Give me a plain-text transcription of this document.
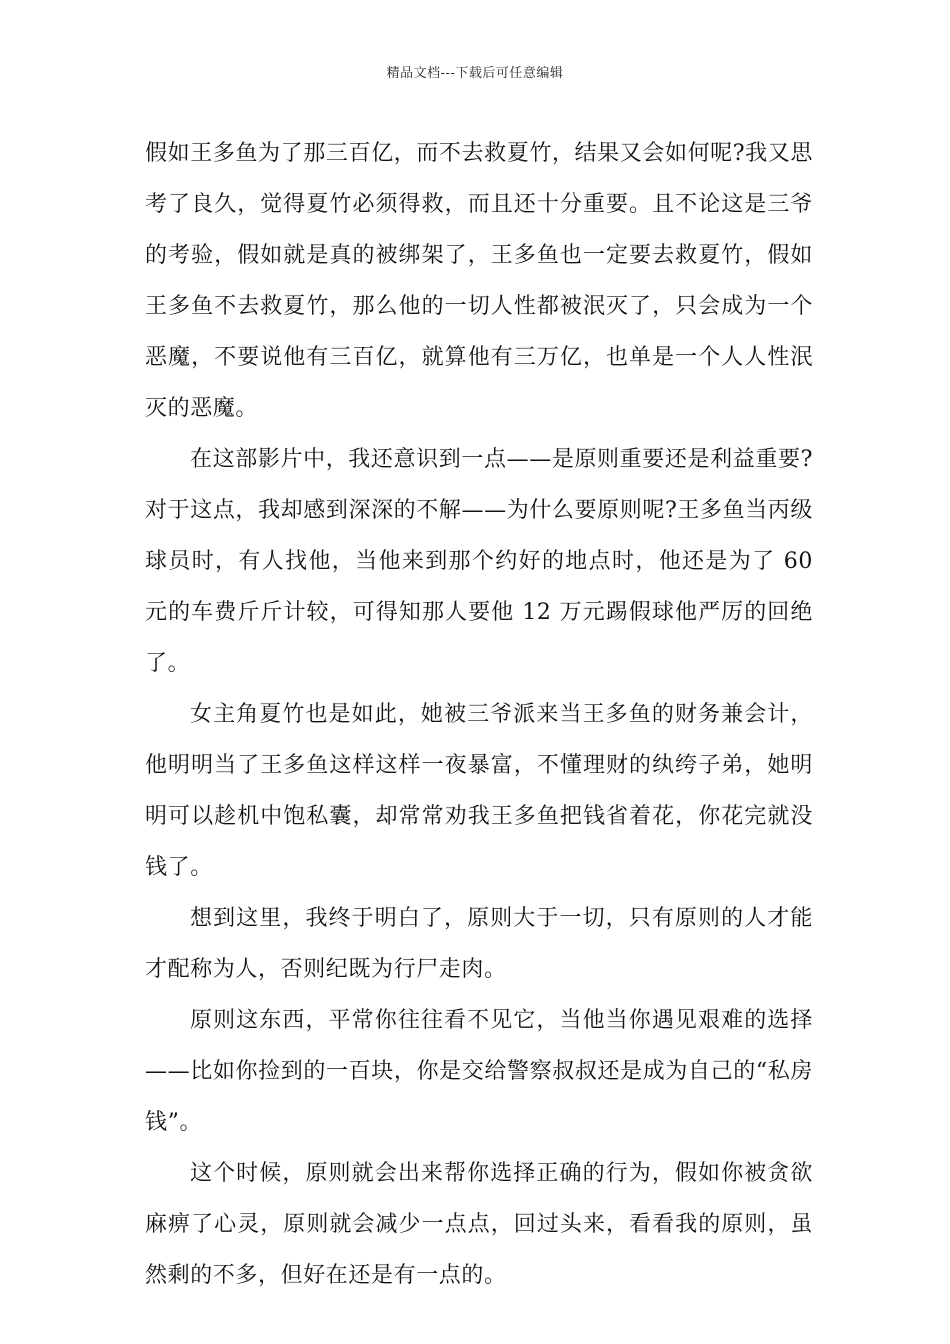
精品文档---下载后可任意编辑

假如王多鱼为了那三百亿，而不去救夏竹，结果又会如何呢?我又思考了良久，觉得夏竹必须得救，而且还十分重要。且不论这是三爷的考验，假如就是真的被绑架了，王多鱼也一定要去救夏竹，假如王多鱼不去救夏竹，那么他的一切人性都被泯灭了，只会成为一个恶魔，不要说他有三百亿，就算他有三万亿，也单是一个人人性泯灭的恶魔。

在这部影片中，我还意识到一点——是原则重要还是利益重要?对于这点，我却感到深深的不解——为什么要原则呢?王多鱼当丙级球员时，有人找他，当他来到那个约好的地点时，他还是为了 60 元的车费斤斤计较，可得知那人要他 12 万元踢假球他严厉的回绝了。

女主角夏竹也是如此，她被三爷派来当王多鱼的财务兼会计，他明明当了王多鱼这样这样一夜暴富，不懂理财的纨绔子弟，她明明可以趁机中饱私囊，却常常劝我王多鱼把钱省着花，你花完就没钱了。

想到这里，我终于明白了，原则大于一切，只有原则的人才能才配称为人，否则纪既为行尸走肉。

原则这东西，平常你往往看不见它，当他当你遇见艰难的选择——比如你捡到的一百块，你是交给警察叔叔还是成为自己的“私房钱”。

这个时候，原则就会出来帮你选择正确的行为，假如你被贪欲麻痹了心灵，原则就会减少一点点，回过头来，看看我的原则，虽然剩的不多，但好在还是有一点的。
